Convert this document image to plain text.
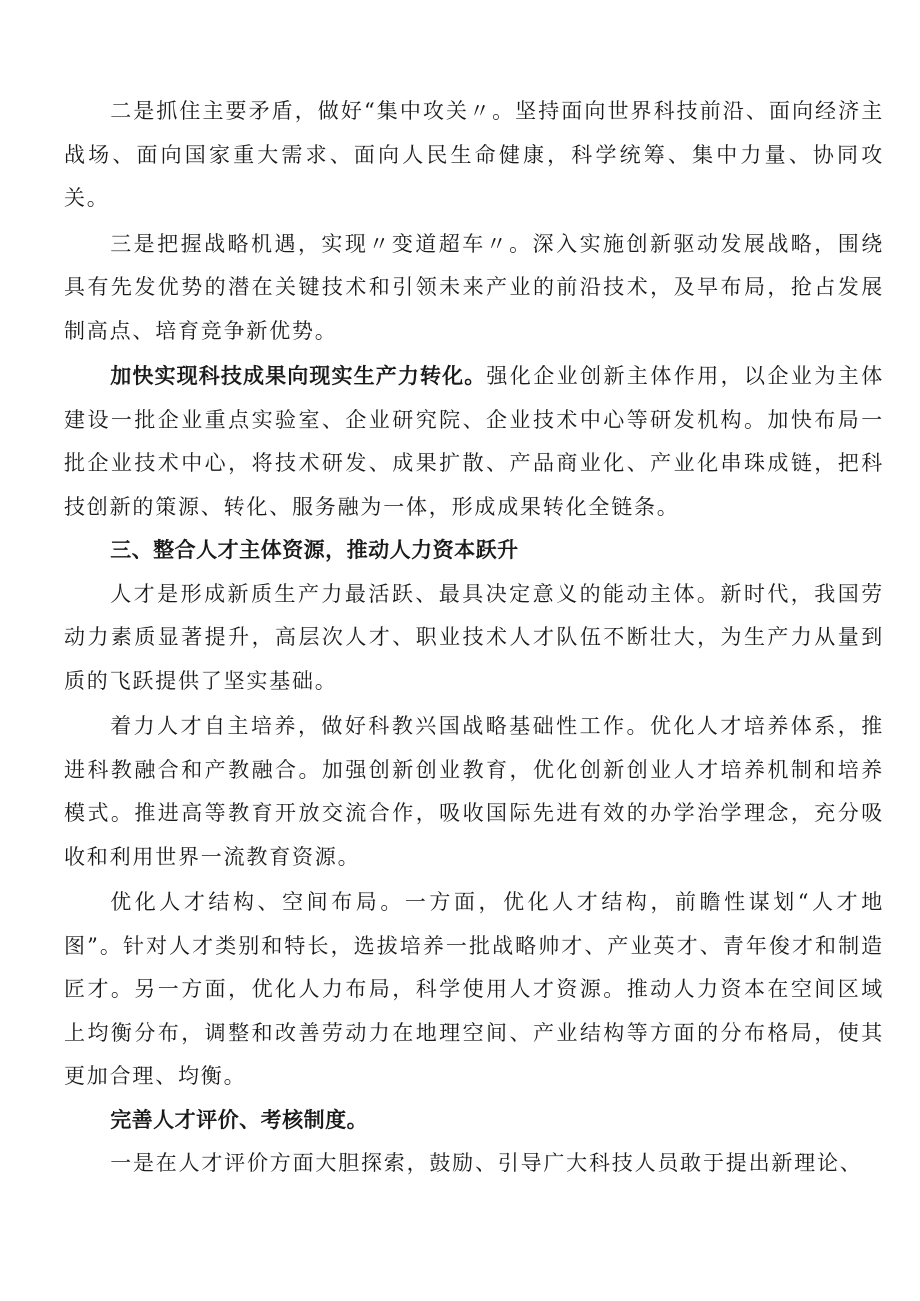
二是抓住主要矛盾，做好“集中攻关〃。坚持面向世界科技前沿、面向经济主战场、面向国家重大需求、面向人民生命健康，科学统筹、集中力量、协同攻关。

三是把握战略机遇，实现〃变道超车〃。深入实施创新驱动发展战略，围绕具有先发优势的潜在关键技术和引领未来产业的前沿技术，及早布局，抢占发展制高点、培育竞争新优势。

加快实现科技成果向现实生产力转化。强化企业创新主体作用，以企业为主体建设一批企业重点实验室、企业研究院、企业技术中心等研发机构。加快布局一批企业技术中心，将技术研发、成果扩散、产品商业化、产业化串珠成链，把科技创新的策源、转化、服务融为一体，形成成果转化全链条。

三、整合人才主体资源，推动人力资本跃升

人才是形成新质生产力最活跃、最具决定意义的能动主体。新时代，我国劳动力素质显著提升，高层次人才、职业技术人才队伍不断壮大，为生产力从量到质的飞跃提供了坚实基础。

着力人才自主培养，做好科教兴国战略基础性工作。优化人才培养体系，推进科教融合和产教融合。加强创新创业教育，优化创新创业人才培养机制和培养模式。推进高等教育开放交流合作，吸收国际先进有效的办学治学理念，充分吸收和利用世界一流教育资源。

优化人才结构、空间布局。一方面，优化人才结构，前瞻性谋划“人才地图”。针对人才类别和特长，选拔培养一批战略帅才、产业英才、青年俊才和制造匠才。另一方面，优化人力布局，科学使用人才资源。推动人力资本在空间区域上均衡分布，调整和改善劳动力在地理空间、产业结构等方面的分布格局，使其更加合理、均衡。

完善人才评价、考核制度。

一是在人才评价方面大胆探索，鼓励、引导广大科技人员敢于提出新理论、
